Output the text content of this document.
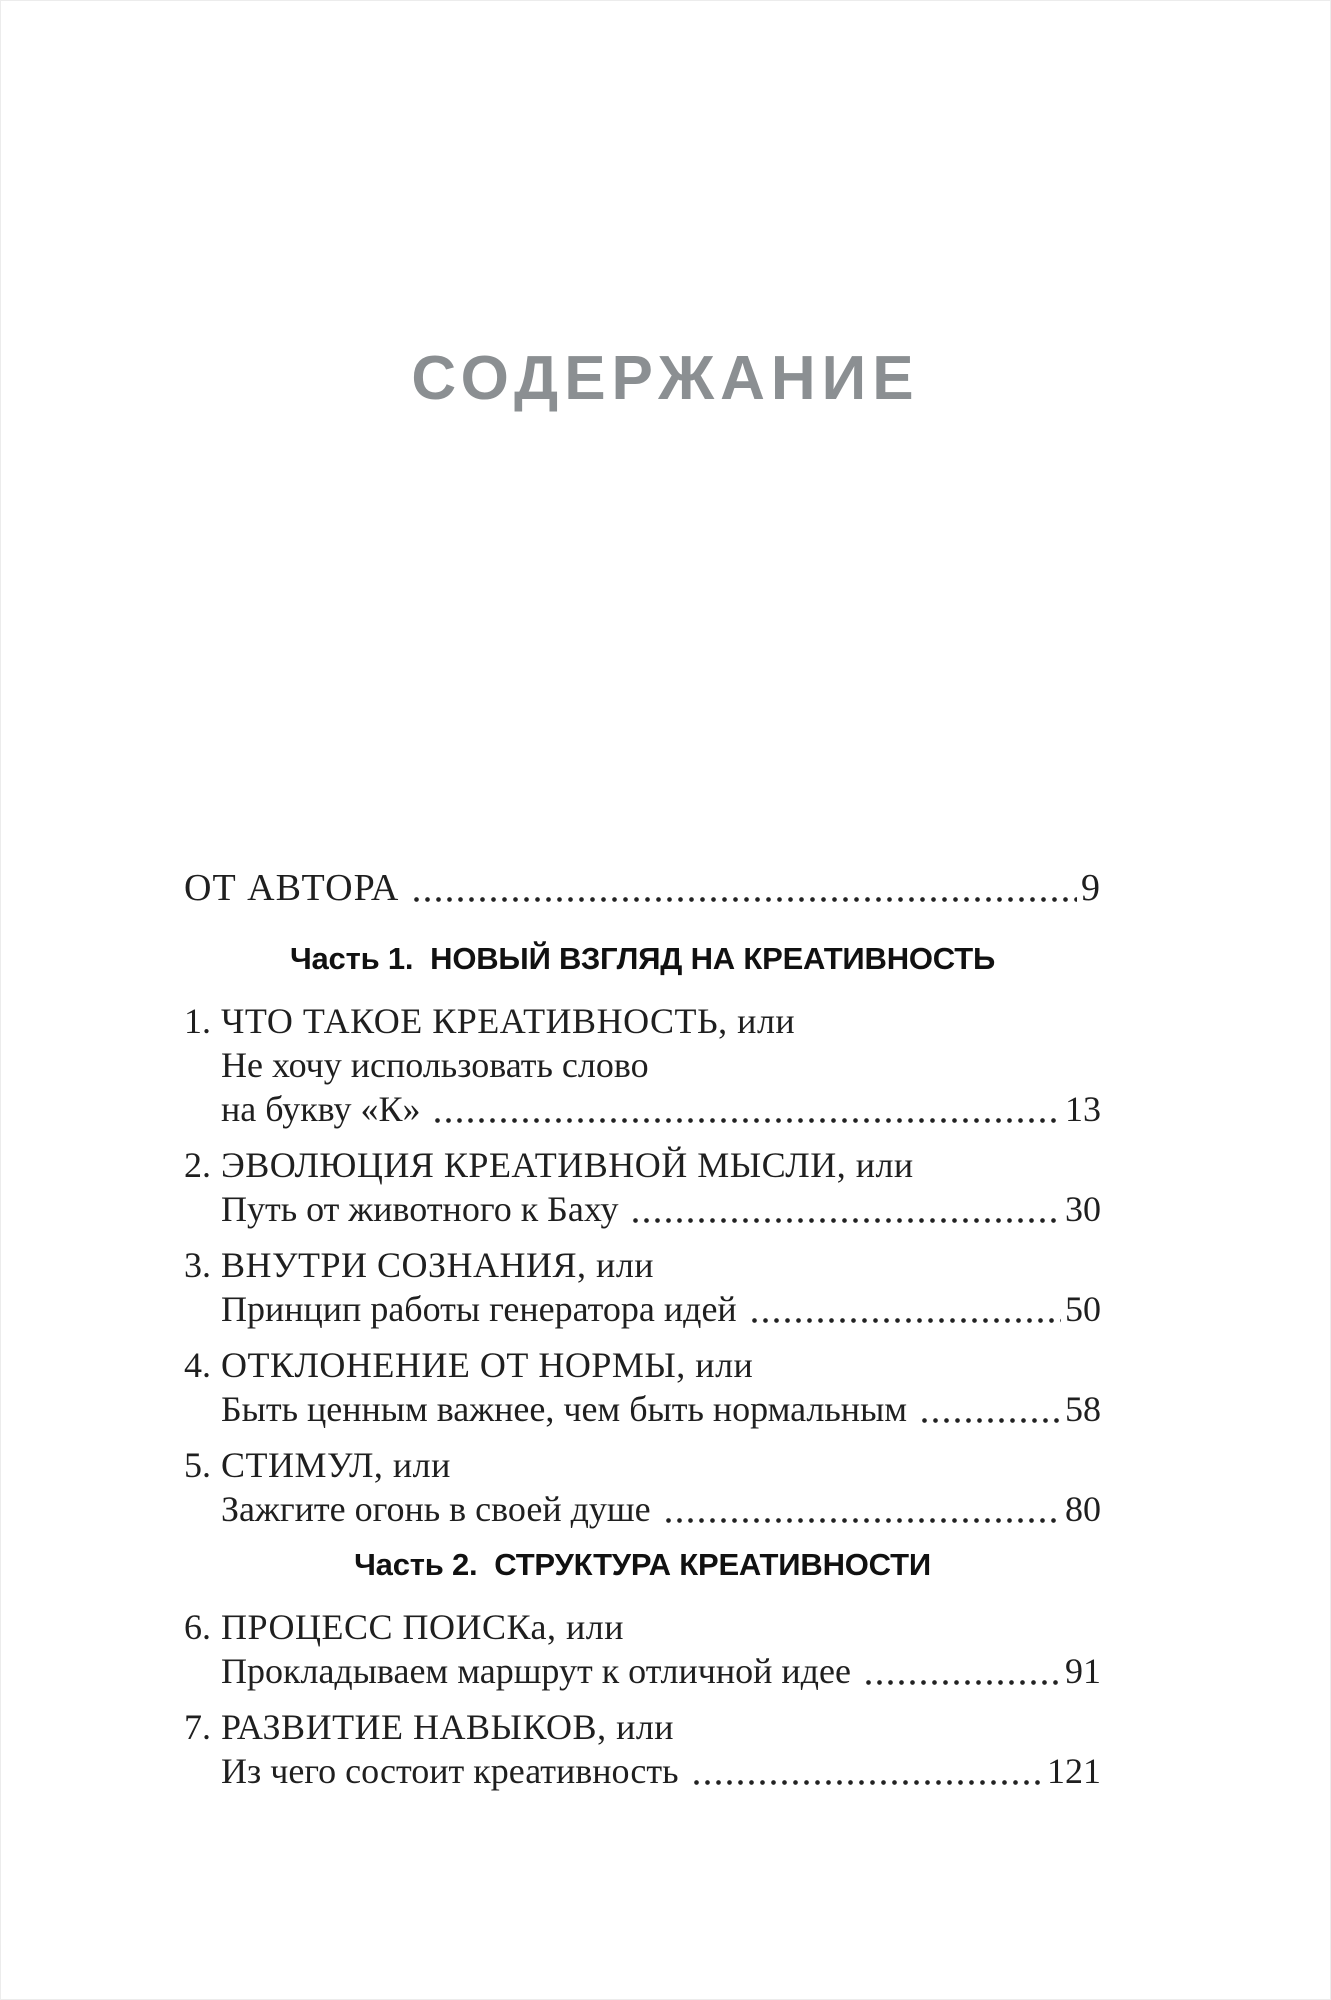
СОДЕРЖАНИЕ
ОТ АВТОРА	9
Часть 1.  НОВЫЙ ВЗГЛЯД НА КРЕАТИВНОСТЬ
1. ЧТО ТАКОЕ КРЕАТИВНОСТЬ, или
Не хочу использовать слово
на букву «К»	13
2. ЭВОЛЮЦИЯ КРЕАТИВНОЙ МЫСЛИ, или
Путь от животного к Баху	30
3. ВНУТРИ СОЗНАНИЯ, или
Принцип работы генератора идей	50
4. ОТКЛОНЕНИЕ ОТ НОРМЫ, или
Быть ценным важнее, чем быть нормальным	58
5. СТИМУЛ, или
Зажгите огонь в своей душе	80
Часть 2.  СТРУКТУРА КРЕАТИВНОСТИ
6. ПРОЦЕСС ПОИСКа, или
Прокладываем маршрут к отличной идее	91
7. РАЗВИТИЕ НАВЫКОВ, или
Из чего состоит креативность	121
